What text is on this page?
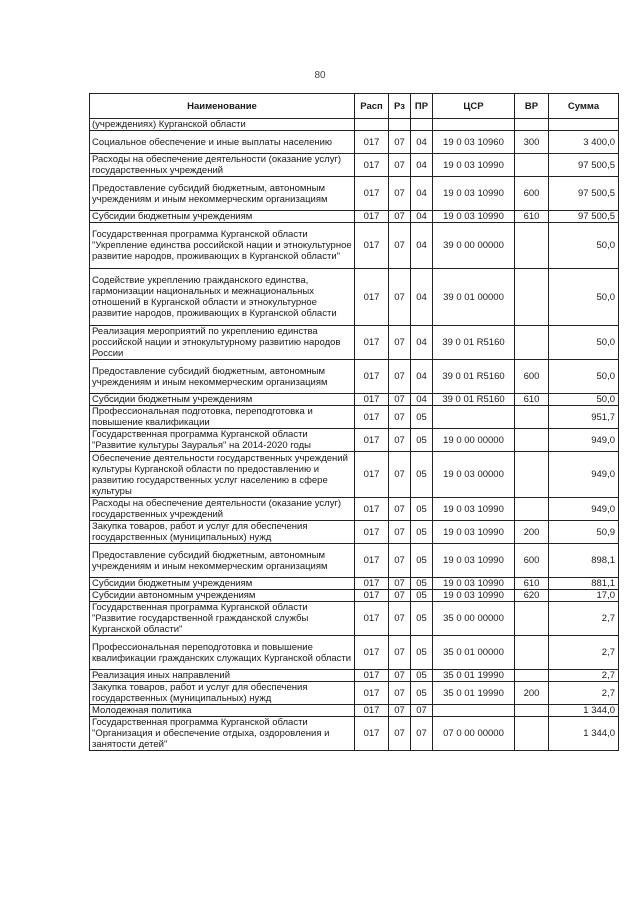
80
Наименование	Расп	Рз	ПР	ЦСР	ВР	Сумма
(учреждениях) Курганской области						
Социальное обеспечение и иные выплаты населению	017	07	04	19 0 03 10960	300	3 400,0
Расходы на обеспечение деятельности (оказание услуг) государственных учреждений	017	07	04	19 0 03 10990		97 500,5
Предоставление субсидий бюджетным, автономным учреждениям и иным некоммерческим организациям	017	07	04	19 0 03 10990	600	97 500,5
Субсидии бюджетным учреждениям	017	07	04	19 0 03 10990	610	97 500,5
Государственная программа Курганской области "Укрепление единства российской нации и этнокультурное развитие народов, проживающих в Курганской области"	017	07	04	39 0 00 00000		50,0
Содействие укреплению гражданского единства, гармонизации национальных и межнациональных отношений в Курганской области и этнокультурное развитие народов, проживающих в Курганской области	017	07	04	39 0 01 00000		50,0
Реализация мероприятий по укреплению единства российской нации и этнокультурному развитию народов России	017	07	04	39 0 01 R5160		50,0
Предоставление субсидий бюджетным, автономным учреждениям и иным некоммерческим организациям	017	07	04	39 0 01 R5160	600	50,0
Субсидии бюджетным учреждениям	017	07	04	39 0 01 R5160	610	50,0
Профессиональная подготовка, переподготовка и повышение квалификации	017	07	05			951,7
Государственная программа Курганской области "Развитие культуры Зауралья" на 2014-2020 годы	017	07	05	19 0 00 00000		949,0
Обеспечение деятельности государственных учреждений культуры Курганской области по предоставлению и развитию государственных услуг населению в сфере культуры	017	07	05	19 0 03 00000		949,0
Расходы на обеспечение деятельности (оказание услуг) государственных учреждений	017	07	05	19 0 03 10990		949,0
Закупка товаров, работ и услуг для обеспечения государственных (муниципальных) нужд	017	07	05	19 0 03 10990	200	50,9
Предоставление субсидий бюджетным, автономным учреждениям и иным некоммерческим организациям	017	07	05	19 0 03 10990	600	898,1
Субсидии бюджетным учреждениям	017	07	05	19 0 03 10990	610	881,1
Субсидии автономным учреждениям	017	07	05	19 0 03 10990	620	17,0
Государственная программа Курганской области "Развитие государственной гражданской службы Курганской области"	017	07	05	35 0 00 00000		2,7
Профессиональная переподготовка и повышение квалификации гражданских служащих Курганской области	017	07	05	35 0 01 00000		2,7
Реализация иных направлений	017	07	05	35 0 01 19990		2,7
Закупка товаров, работ и услуг для обеспечения государственных (муниципальных) нужд	017	07	05	35 0 01 19990	200	2,7
Молодежная политика	017	07	07			1 344,0
Государственная программа Курганской области "Организация и обеспечение отдыха, оздоровления и занятости детей"	017	07	07	07 0 00 00000		1 344,0
